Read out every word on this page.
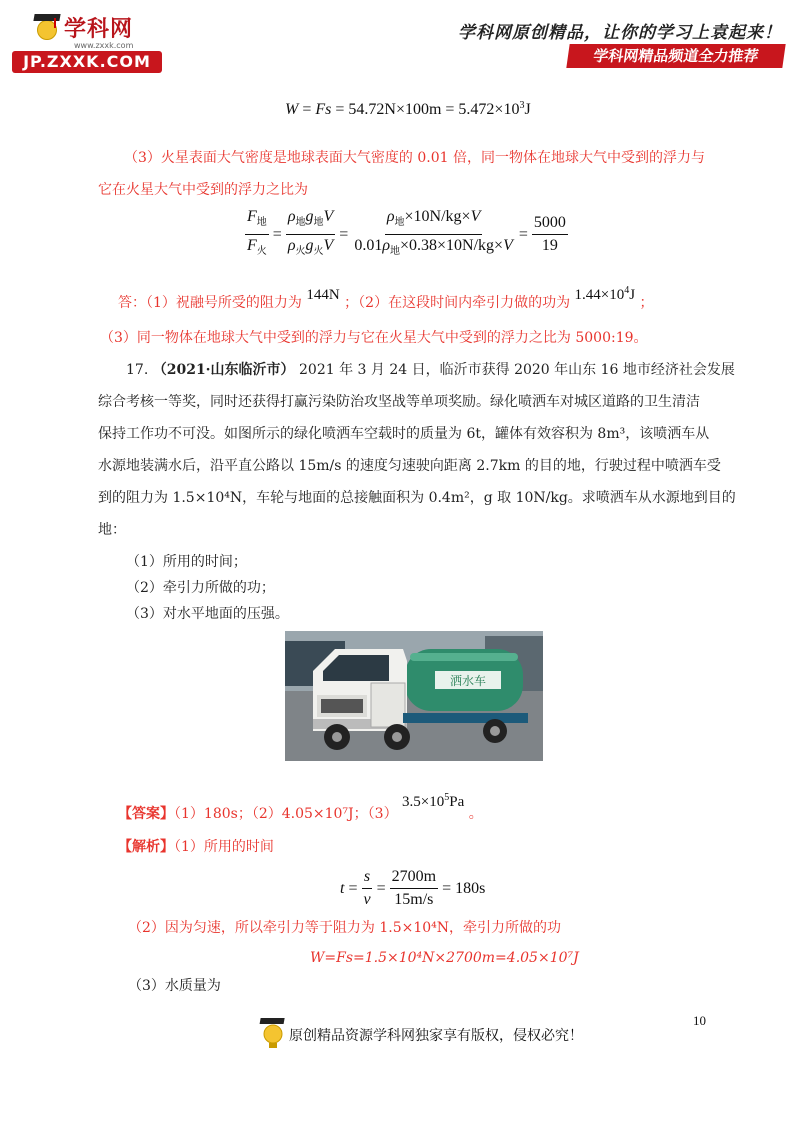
学科网
www.zxxk.com
JP.ZXXK.COM
学科网原创精品，让你的学习上袁起来！
学科网精品频道全力推荐
$W = Fs = 54.72N\times 100m = 5.472\times 10^3J$
（3）火星表面大气密度是地球表面大气密度的 0.01 倍，同一物体在地球大气中受到的浮力与
它在火星大气中受到的浮力之比为
$\frac{F_地}{F_火} = \frac{\rho_地g_地V}{\rho_火g_火V} = \frac{\rho_地\times 10N/kg\times V}{0.01\rho_地\times 0.38\times 10N/kg\times V} = \frac{5000}{19}$
答：（1）祝融号所受的阻力为 144N ；（2）在这段时间内牵引力做的功为 $1.44\times 10^4J$ ；
（3）同一物体在地球大气中受到的浮力与它在火星大气中受到的浮力之比为 5000:19。
17. （2021·山东临沂市） 2021 年 3 月 24 日，临沂市获得 2020 年山东 16 地市经济社会发展
综合考核一等奖，同时还获得打赢污染防治攻坚战等单项奖励。绿化喷洒车对城区道路的卫生清洁
保持工作功不可没。如图所示的绿化喷洒车空载时的质量为 6t，罐体有效容积为 8m³，该喷洒车从
水源地装满水后，沿平直公路以 15m/s 的速度匀速驶向距离 2.7km 的目的地，行驶过程中喷洒车受
到的阻力为 1.5×10⁴N，车轮与地面的总接触面积为 0.4m²，g 取 10N/kg。求喷洒车从水源地到目的
地：
（1）所用的时间；
（2）牵引力所做的功；
（3）对水平地面的压强。
洒水车
【答案】（1）180s；（2）4.05×10⁷J；（3） $3.5\times 10^5Pa$ 。
【解析】（1）所用的时间
$t = \frac{s}{v} = \frac{2700m}{15m/s} = 180s$
（2）因为匀速，所以牵引力等于阻力为 1.5×10⁴N，牵引力所做的功
W=Fs=1.5×10⁴N×2700m=4.05×10⁷J
（3）水质量为
10
原创精品资源学科网独家享有版权，侵权必究！
